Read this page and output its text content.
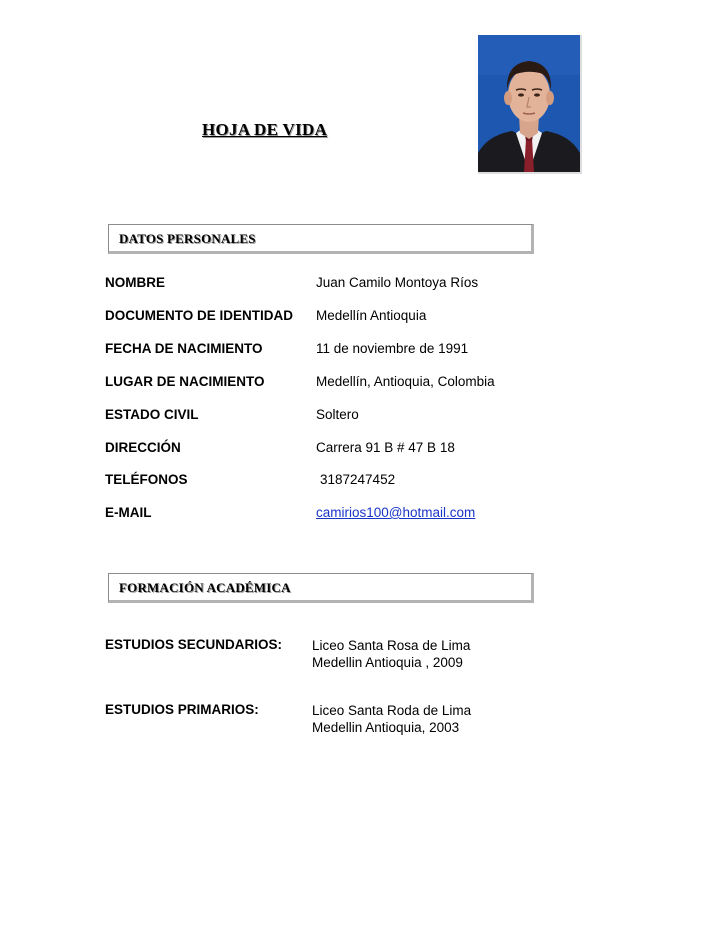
HOJA DE VIDA
DATOS PERSONALES
NOMBRE	Juan Camilo Montoya Ríos
DOCUMENTO DE IDENTIDAD Medellín Antioquia
FECHA DE NACIMIENTO	11 de noviembre de 1991
LUGAR DE NACIMIENTO	Medellín, Antioquia, Colombia
ESTADO CIVIL	Soltero
DIRECCIÓN	Carrera 91 B # 47 B 18
TELÉFONOS	3187247452
E-MAIL	camirios100@hotmail.com
FORMACIÓN ACADÉMICA
ESTUDIOS SECUNDARIOS: Liceo Santa Rosa de Lima
Medellin Antioquia , 2009
ESTUDIOS PRIMARIOS:	Liceo Santa Roda de Lima
Medellin Antioquia, 2003
